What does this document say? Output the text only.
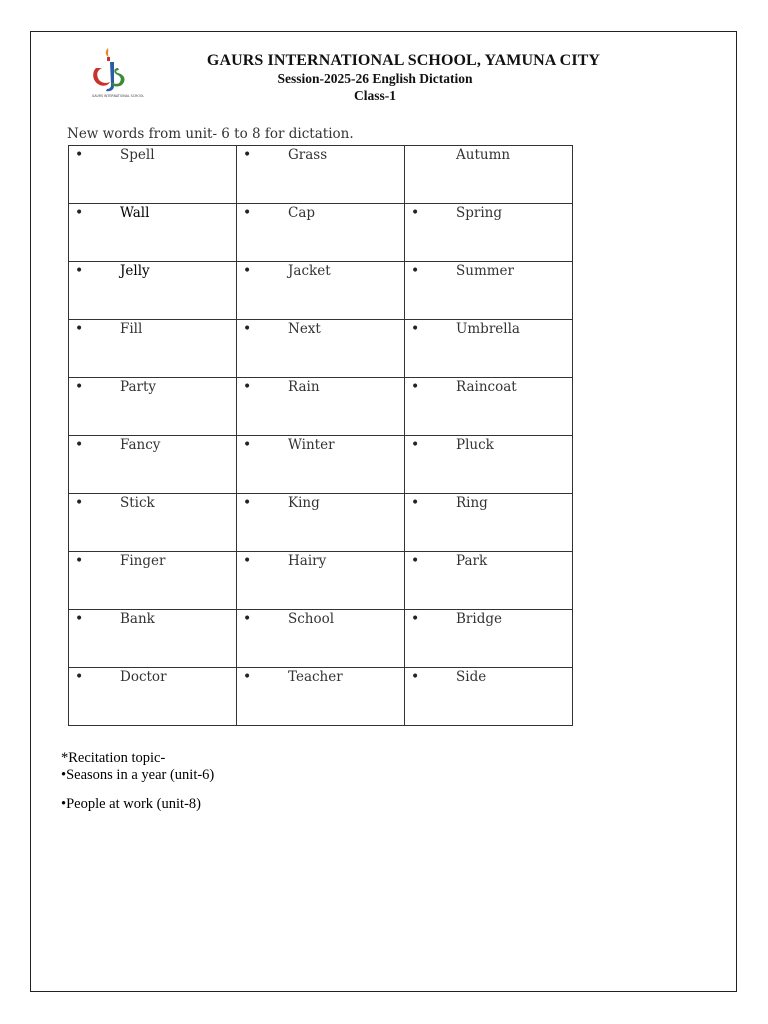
GAURS INTERNATIONAL SCHOOL
GAURS INTERNATIONAL SCHOOL, YAMUNA CITY
Session-2025-26 English Dictation
Class-1
New words from unit- 6 to 8 for dictation.
• Spell	• Grass	Autumn

• Wall	• Cap	• Spring

• Jelly	• Jacket	• Summer

• Fill	• Next	• Umbrella

• Party	• Rain	• Raincoat

• Fancy	• Winter	• Pluck

• Stick	• King	• Ring

• Finger	• Hairy	• Park

• Bank	• School	• Bridge

• Doctor	• Teacher	• Side
*Recitation topic-
•Seasons in a year (unit-6)
•People at work (unit-8)
